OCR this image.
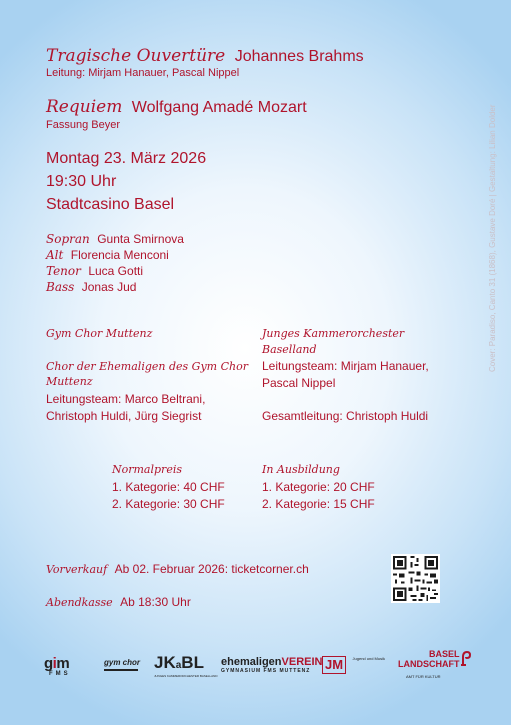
Tragische Ouvertüre Johannes Brahms
Leitung: Mirjam Hanauer, Pascal Nippel
Requiem Wolfgang Amadé Mozart
Fassung Beyer
Montag 23. März 2026
19:30 Uhr
Stadtcasino Basel
Sopran Gunta Smirnova
Alt Florencia Menconi
Tenor Luca Gotti
Bass Jonas Jud
Gym Chor Muttenz
Chor der Ehemaligen des Gym Chor
Muttenz
Leitungsteam: Marco Beltrani,
Christoph Huldi, Jürg Siegrist
Junges Kammerorchester
Baselland
Leitungsteam: Mirjam Hanauer,
Pascal Nippel
Gesamtleitung: Christoph Huldi
Normalpreis
1. Kategorie: 40 CHF
2. Kategorie: 30 CHF
In Ausbildung
1. Kategorie: 20 CHF
2. Kategorie: 15 CHF
Vorverkauf Ab 02. Februar 2026: ticketcorner.ch
Abendkasse Ab 18:30 Uhr
Cover: Paradiso, Canto 31 (1868), Gustave Doré | Gestaltung: Lilian Dolder
gim
FMS
gym chor JKaBL
JUNGES KAMMERORCHESTER BASELLAND
ehemaligenVEREIN
GYMNASIUM FMS MUTTENZ	JM Jugend und Musik	BASEL
LANDSCHAFT
AMT FÜR KULTUR
